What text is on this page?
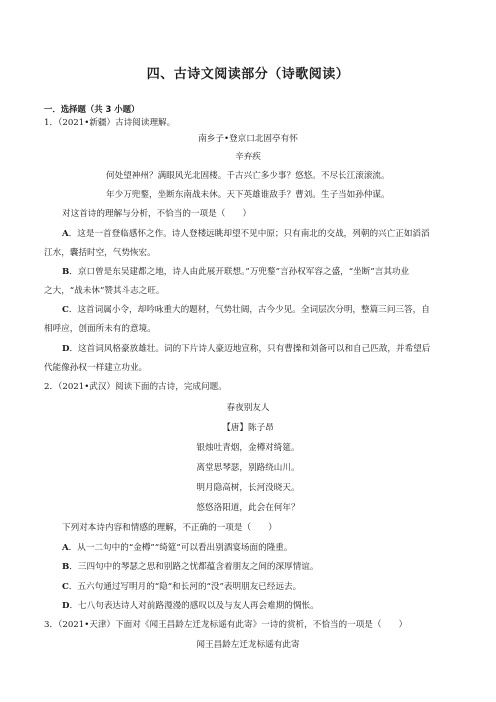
四、古诗文阅读部分（诗歌阅读）
一．选择题（共 3 小题）
1．（2021•新疆）古诗阅读理解。
南乡子•登京口北固亭有怀
辛弃疾
何处望神州？满眼风光北固楼。千古兴亡多少事？悠悠。不尽长江滚滚流。
年少万兜鍪，坐断东南战未休。天下英雄谁敌手？曹刘。生子当如孙仲谋。
对这首诗的理解与分析，不恰当的一项是（　　）
A．这是一首登临感怀之作。诗人登楼远眺却望不见中原；只有南北的交战，列朝的兴亡正如滔滔
江水，囊括时空，气势恢宏。
B．京口曾是东吴建都之地，诗人由此展开联想。”万兜鍪”言孙权军容之盛，“坐断”言其功业
之大，“战未休”赞其斗志之旺。
C．这首词属小令，却吟咏重大的题材，气势壮阔，古今少见。全词层次分明，整篇三问三答，自
相呼应，创面所未有的意境。
D．这首词风格豪放雄壮。词的下片诗人豪迈地宣称，只有曹操和刘备可以和自己匹敌，并希望后
代能像孙权一样建立功业。
2．（2021•武汉）阅读下面的古诗，完成问题。
春夜别友人
【唐】陈子昂
银烛吐青烟，金樽对绮筵。
离堂思琴瑟，别路绕山川。
明月隐高树，长河没晓天。
悠悠洛阳道，此会在何年？
下列对本诗内容和情感的理解，不正确的一项是（　　）
A．从一二句中的“金樽”“绮筵”可以看出别酒宴场面的隆重。
B．三四句中的琴瑟之思和别路之忧都蕴含着朋友之间的深厚情谊。
C．五六句通过写明月的“隐”和长河的“没”表明朋友已经远去。
D．七八句表达诗人对前路漫漫的感叹以及与友人再会难期的惆怅。
3．（2021•天津）下面对《闻王昌龄左迁龙标遥有此寄》一诗的赏析，不恰当的一项是（　　）
闻王昌龄左迁龙标遥有此寄
